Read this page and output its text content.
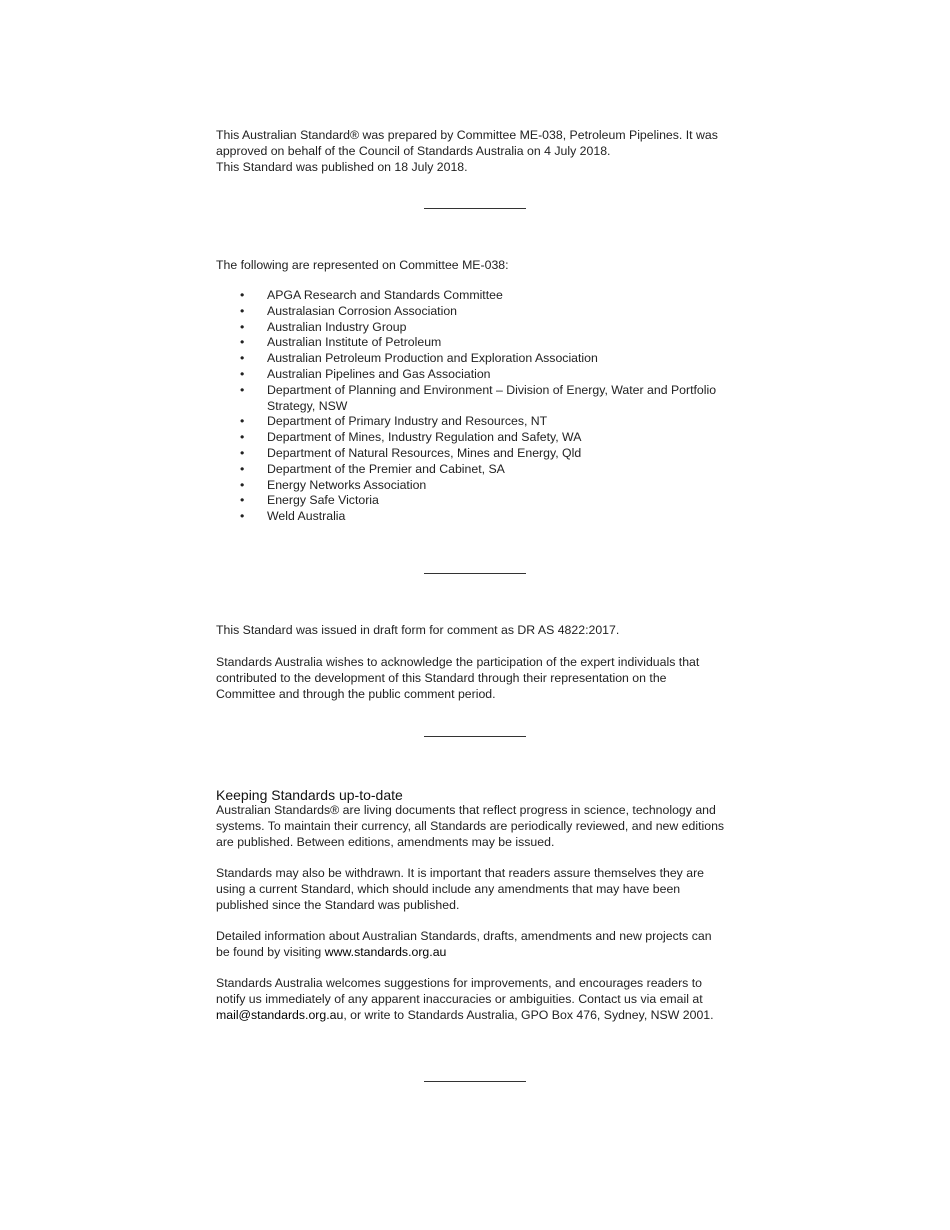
This Australian Standard® was prepared by Committee ME-038, Petroleum Pipelines. It was

approved on behalf of the Council of Standards Australia on 4 July 2018.

This Standard was published on 18 July 2018.

The following are represented on Committee ME-038:

• APGA Research and Standards Committee
• Australasian Corrosion Association
• Australian Industry Group
• Australian Institute of Petroleum
• Australian Petroleum Production and Exploration Association
• Australian Pipelines and Gas Association
• Department of Planning and Environment – Division of Energy, Water and Portfolio Strategy, NSW
• Department of Primary Industry and Resources, NT
• Department of Mines, Industry Regulation and Safety, WA
• Department of Natural Resources, Mines and Energy, Qld
• Department of the Premier and Cabinet, SA
• Energy Networks Association
• Energy Safe Victoria
• Weld Australia

This Standard was issued in draft form for comment as DR AS 4822:2017.

Standards Australia wishes to acknowledge the participation of the expert individuals that contributed to the development of this Standard through their representation on the Committee and through the public comment period.

Keeping Standards up-to-date

Australian Standards® are living documents that reflect progress in science, technology and systems. To maintain their currency, all Standards are periodically reviewed, and new editions are published. Between editions, amendments may be issued.

Standards may also be withdrawn. It is important that readers assure themselves they are using a current Standard, which should include any amendments that may have been published since the Standard was published.

Detailed information about Australian Standards, drafts, amendments and new projects can be found by visiting www.standards.org.au

Standards Australia welcomes suggestions for improvements, and encourages readers to notify us immediately of any apparent inaccuracies or ambiguities. Contact us via email at mail@standards.org.au, or write to Standards Australia, GPO Box 476, Sydney, NSW 2001.
